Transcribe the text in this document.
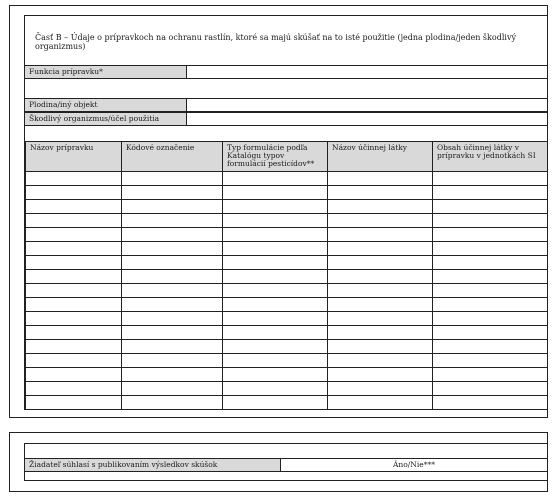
Časť B – Údaje o prípravkoch na ochranu rastlín, ktoré sa majú skúšať na to isté použitie (jedna plodina/jeden škodlivý organizmus)
Funkcia prípravku*
Plodina/iný objekt
Škodlivý organizmus/účel použitia
Názov prípravku	Kódové označenie	Typ formulácie podľa Katalógu typov formulácií pesticídov**	Názov účinnej látky	Obsah účinnej látky v prípravku v jednotkách SI

Žiadateľ súhlasí s publikovaním výsledkov skúšok	Áno/Nie***
